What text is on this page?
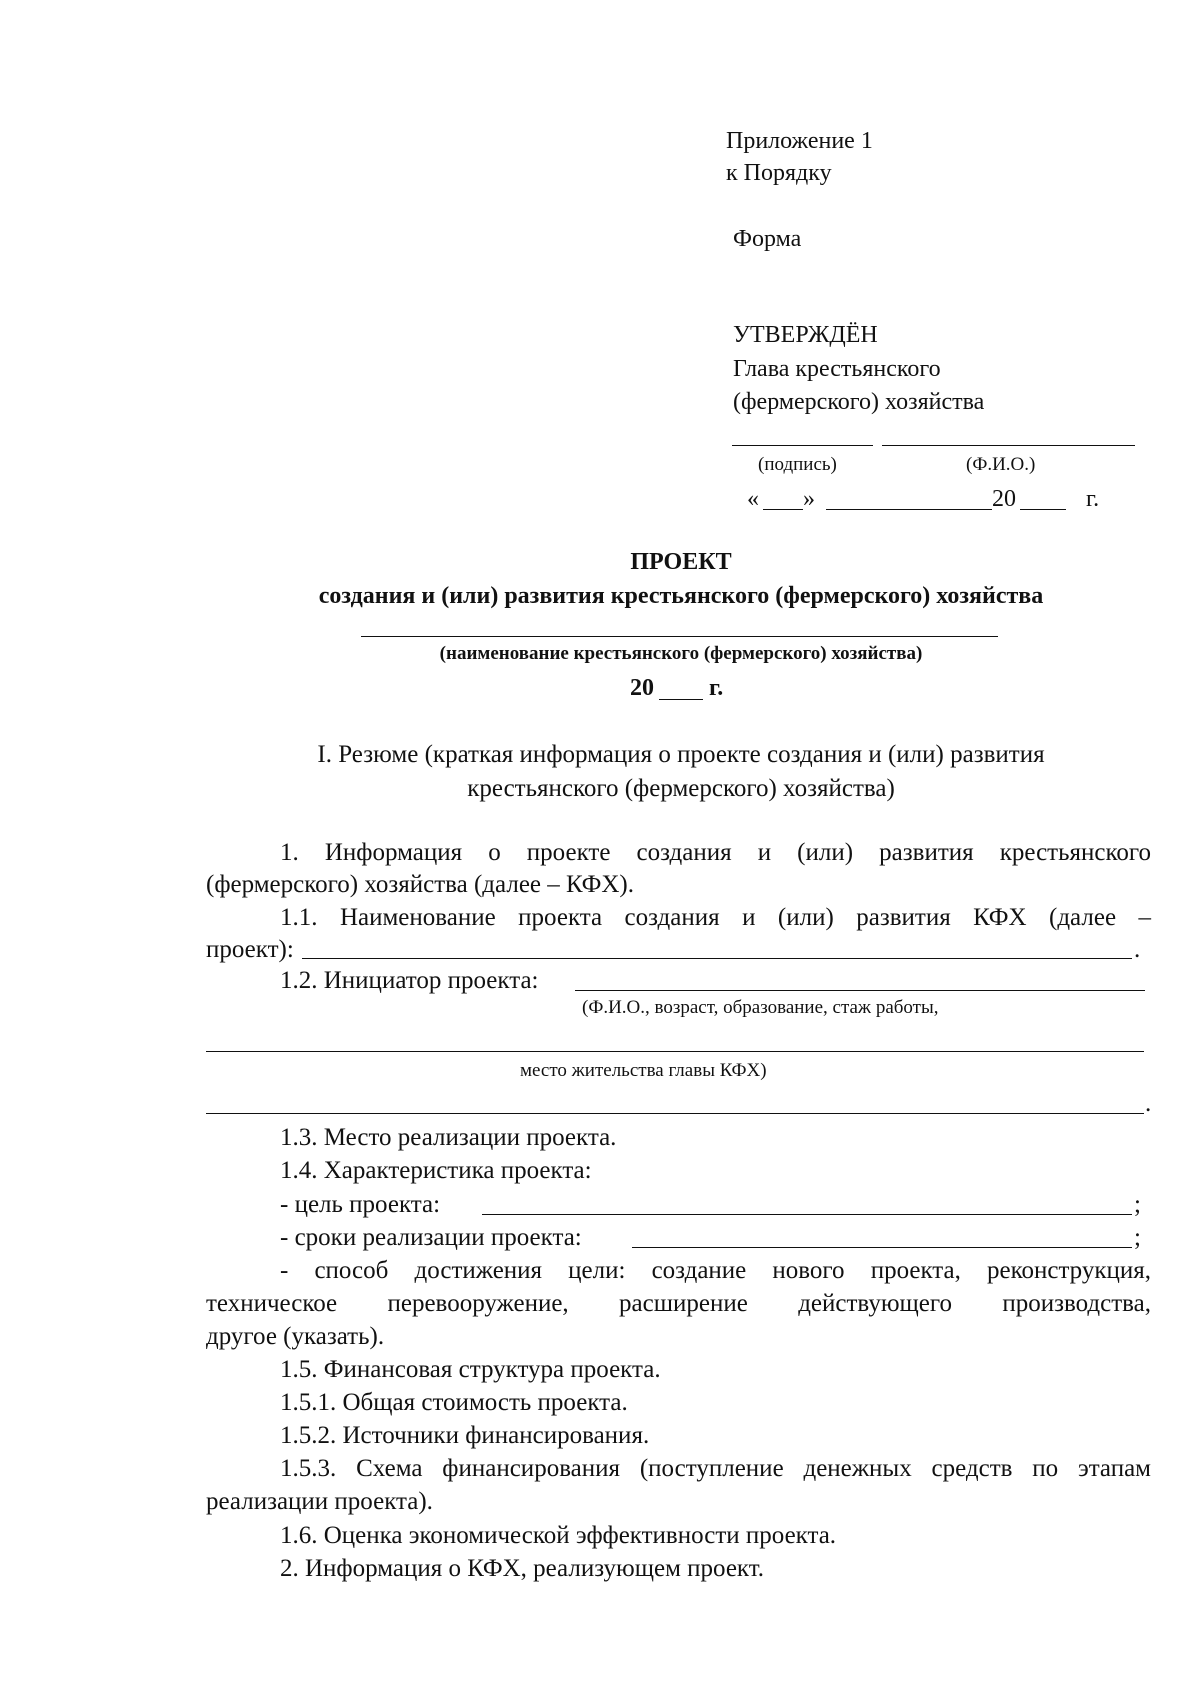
Приложение 1
к Порядку
Форма
УТВЕРЖДЁН
Глава крестьянского
(фермерского) хозяйства
(подпись)	(Ф.И.О.)
« »	20	г.
ПРОЕКТ
создания и (или) развития крестьянского (фермерского) хозяйства
(наименование крестьянского (фермерского) хозяйства)
20 г.
I. Резюме (краткая информация о проекте создания и (или) развития
крестьянского (фермерского) хозяйства)
1. Информация о проекте создания и (или) развития крестьянского
(фермерского) хозяйства (далее – КФХ).
1.1. Наименование проекта создания и (или) развития КФХ (далее –
проект):	.
1.2. Инициатор проекта:
(Ф.И.О., возраст, образование, стаж работы,
место жительства главы КФХ)
.
1.3. Место реализации проекта.
1.4. Характеристика проекта:
- цель проекта:	;
- сроки реализации проекта:	;
- способ достижения цели: создание нового проекта, реконструкция,
техническое перевооружение, расширение действующего производства,
другое (указать).
1.5. Финансовая структура проекта.
1.5.1. Общая стоимость проекта.
1.5.2. Источники финансирования.
1.5.3. Схема финансирования (поступление денежных средств по этапам
реализации проекта).
1.6. Оценка экономической эффективности проекта.
2. Информация о КФХ, реализующем проект.
